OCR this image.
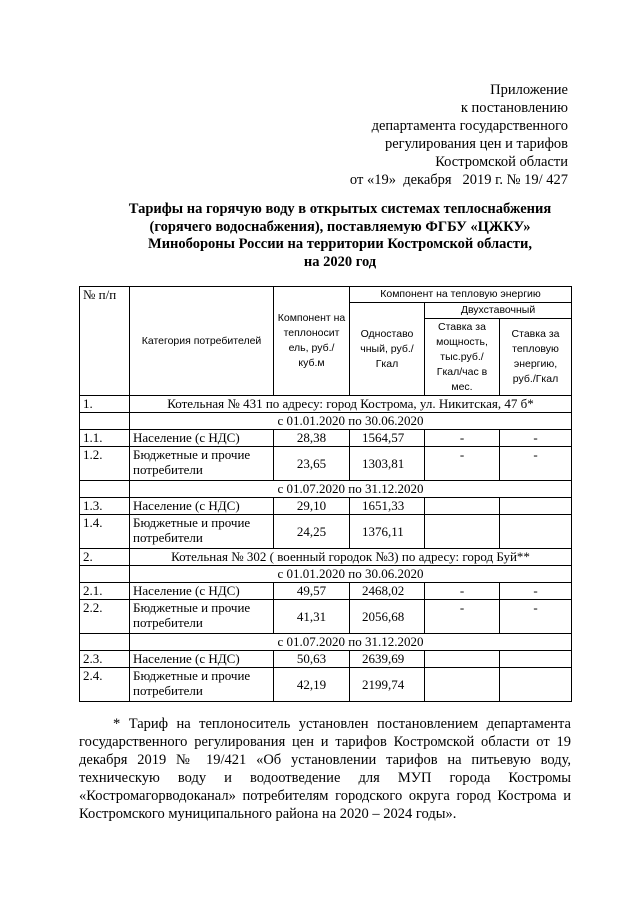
Приложение
к постановлению
департамента государственного
регулирования цен и тарифов
Костромской области
от «19»  декабря   2019 г. № 19/ 427
Тарифы на горячую воду в открытых системах теплоснабжения
(горячего водоснабжения), поставляемую ФГБУ «ЦЖКУ»
Минобороны России на территории Костромской области,
на 2020 год
№ п/п	Категория потребителей	Компонент на теплоносит ель, руб./куб.м	Компонент на тепловую энергию		
			Одноставо чный, руб./Гкал	Двухставочный	
				Ставка за мощность, тыс.руб./ Гкал/час в мес.	Ставка за тепловую энергию, руб./Гкал
1.	Котельная № 431 по адресу: город Кострома, ул. Никитская, 47 б*				
	с 01.01.2020 по 30.06.2020				
1.1.	Население (с НДС)	28,38	1564,57	-	-
1.2.	Бюджетные и прочие потребители	23,65	1303,81	-	-
	с 01.07.2020 по 31.12.2020				
1.3.	Население (с НДС)	29,10	1651,33		
1.4.	Бюджетные и прочие потребители	24,25	1376,11		
2.	Котельная № 302 ( военный городок №3) по адресу: город Буй**				
	с 01.01.2020 по 30.06.2020				
2.1.	Население (с НДС)	49,57	2468,02	-	-
2.2.	Бюджетные и прочие потребители	41,31	2056,68	-	-
	с 01.07.2020 по 31.12.2020				
2.3.	Население (с НДС)	50,63	2639,69		
2.4.	Бюджетные и прочие потребители	42,19	2199,74		
* Тариф на теплоноситель установлен постановлением департамента государственного регулирования цен и тарифов Костромской области от 19 декабря 2019 № 19/421 «Об установлении тарифов на питьевую воду, техническую воду и водоотведение для МУП города Костромы «Костромагорводоканал» потребителям городского округа город Кострома и Костромского муниципального района на 2020 – 2024 годы».
